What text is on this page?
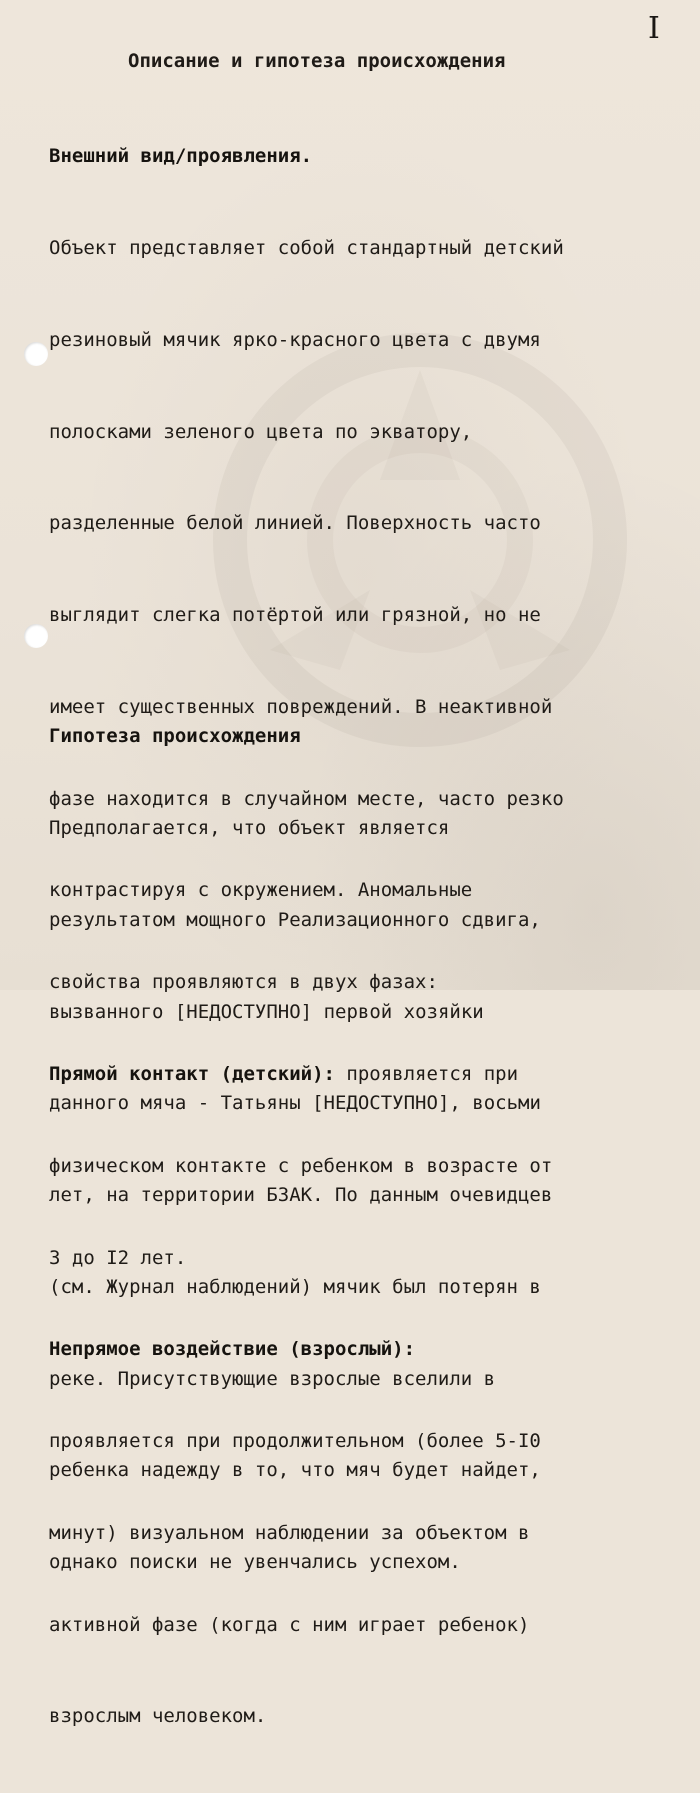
I
Описание и гипотеза происхождения

Внешний вид/проявления.

Объект представляет собой стандартный детский

резиновый мячик ярко-красного цвета с двумя

полосками зеленого цвета по экватору,

разделенные белой линией. Поверхность часто

выглядит слегка потёртой или грязной, но не

имеет существенных повреждений. В неактивной

фазе находится в случайном месте, часто резко

контрастируя с окружением. Аномальные

свойства проявляются в двух фазах:

Прямой контакт (детский): проявляется при

физическом контакте с ребенком в возрасте от

3 до I2 лет.

Непрямое воздействие (взрослый):

проявляется при продолжительном (более 5-I0

минут) визуальном наблюдении за объектом в

активной фазе (когда с ним играет ребенок)

взрослым человеком.

Гипотеза происхождения

Предполагается, что объект является

результатом мощного Реализационного сдвига,

вызванного [НЕДОСТУПНО] первой хозяйки

данного мяча - Татьяны [НЕДОСТУПНО], восьми

лет, на территории БЗАК. По данным очевидцев

(см. Журнал наблюдений) мячик был потерян в

реке. Присутствующие взрослые вселили в

ребенка надежду в то, что мяч будет найдет,

однако поиски не увенчались успехом.
